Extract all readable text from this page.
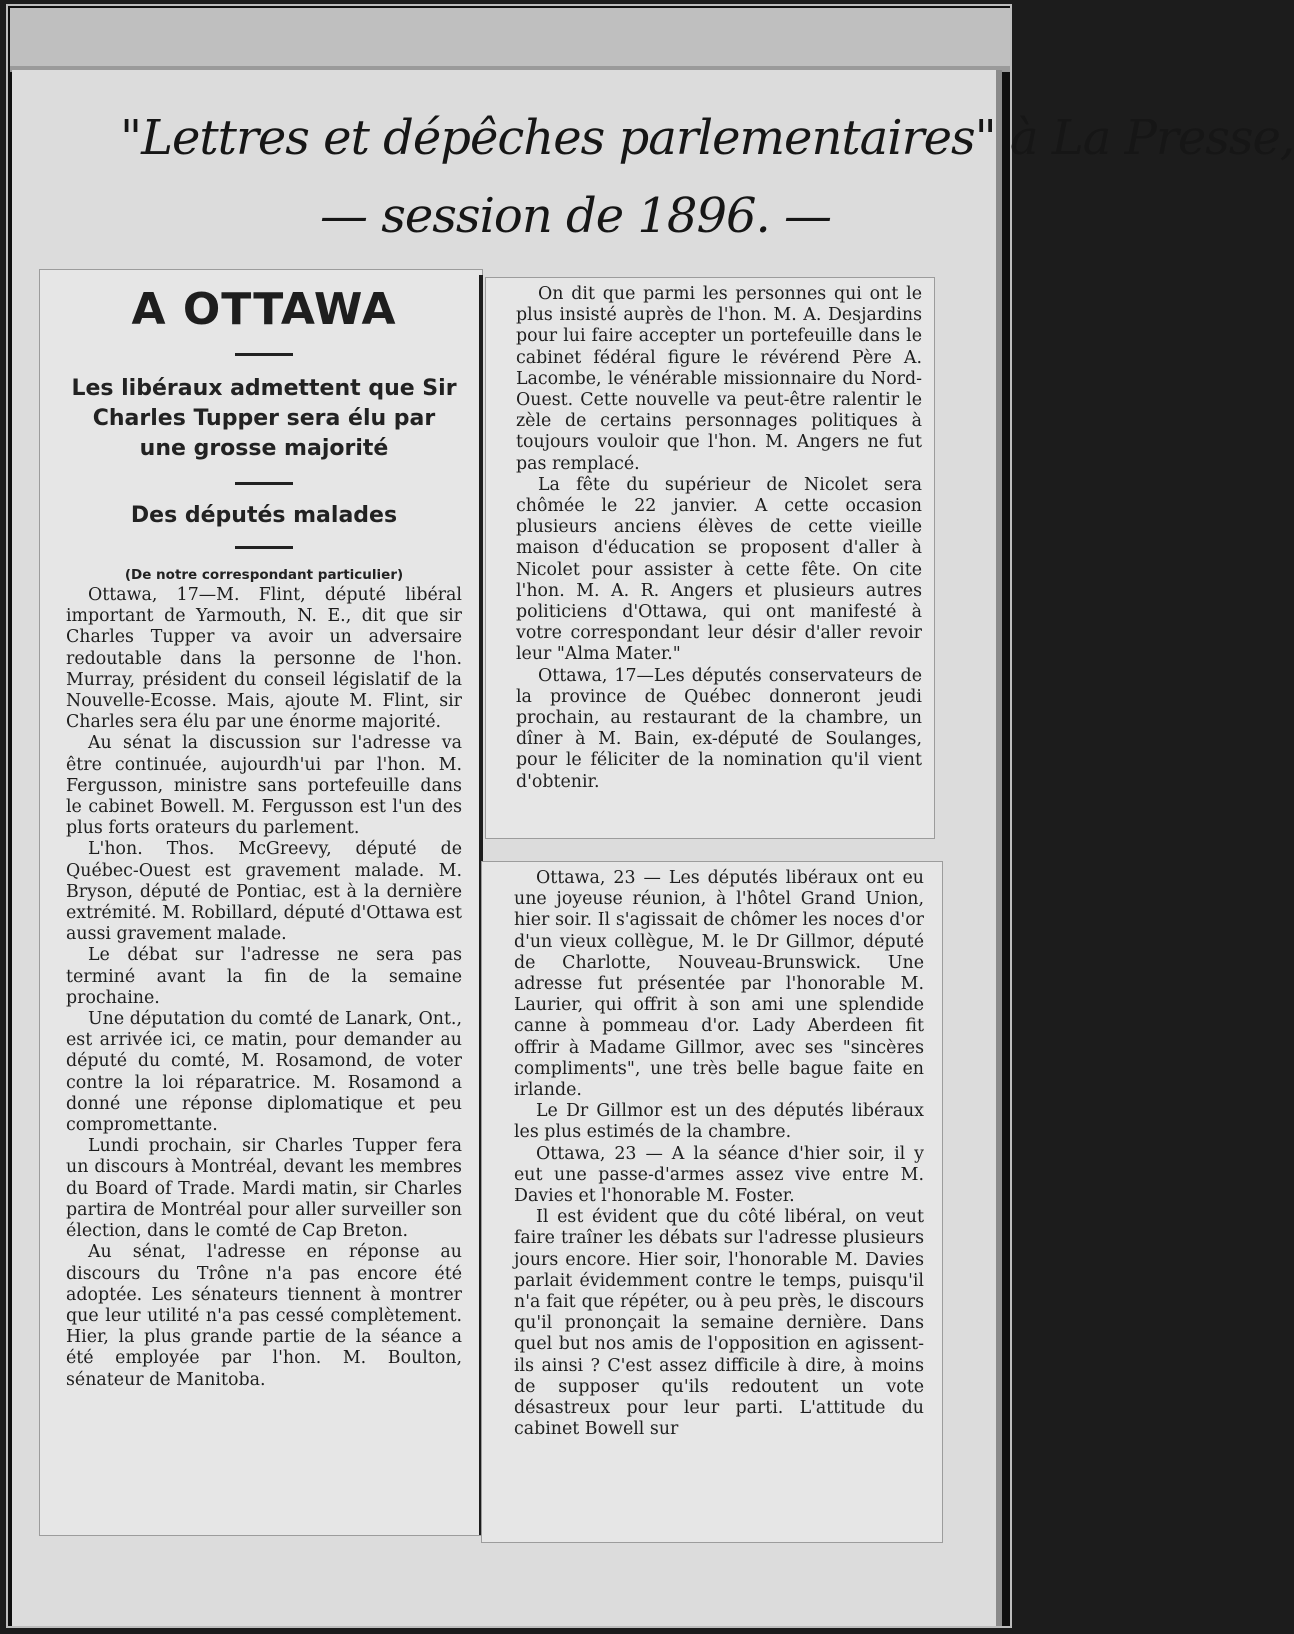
"Lettres et dépêches parlementaires" à La Presse,
— session de 1896. —
A OTTAWA
Les libéraux admettent que Sir Charles Tupper sera élu par une grosse majorité
Des députés malades
(De notre correspondant particulier)

Ottawa, 17—M. Flint, député libéral important de Yarmouth, N. E., dit que sir Charles Tupper va avoir un adversaire redoutable dans la personne de l'hon. Murray, président du conseil législatif de la Nouvelle-Ecosse. Mais, ajoute M. Flint, sir Charles sera élu par une énorme majorité.

Au sénat la discussion sur l'adresse va être continuée, aujourdh'ui par l'hon. M. Fergusson, ministre sans portefeuille dans le cabinet Bowell. M. Fergusson est l'un des plus forts orateurs du parlement.

L'hon. Thos. McGreevy, député de Québec-Ouest est gravement malade. M. Bryson, député de Pontiac, est à la dernière extrémité. M. Robillard, député d'Ottawa est aussi gravement malade.

Le débat sur l'adresse ne sera pas terminé avant la fin de la semaine prochaine.

Une députation du comté de Lanark, Ont., est arrivée ici, ce matin, pour demander au député du comté, M. Rosamond, de voter contre la loi réparatrice. M. Rosamond a donné une réponse diplomatique et peu compromettante.

Lundi prochain, sir Charles Tupper fera un discours à Montréal, devant les membres du Board of Trade. Mardi matin, sir Charles partira de Montréal pour aller surveiller son élection, dans le comté de Cap Breton.

Au sénat, l'adresse en réponse au discours du Trône n'a pas encore été adoptée. Les sénateurs tiennent à montrer que leur utilité n'a pas cessé complètement. Hier, la plus grande partie de la séance a été employée par l'hon. M. Boulton, sénateur de Manitoba.

On dit que parmi les personnes qui ont le plus insisté auprès de l'hon. M. A. Desjardins pour lui faire accepter un portefeuille dans le cabinet fédéral figure le révérend Père A. Lacombe, le vénérable missionnaire du Nord-Ouest. Cette nouvelle va peut-être ralentir le zèle de certains personnages politiques à toujours vouloir que l'hon. M. Angers ne fut pas remplacé.

La fête du supérieur de Nicolet sera chômée le 22 janvier. A cette occasion plusieurs anciens élèves de cette vieille maison d'éducation se proposent d'aller à Nicolet pour assister à cette fête. On cite l'hon. M. A. R. Angers et plusieurs autres politiciens d'Ottawa, qui ont manifesté à votre correspondant leur désir d'aller revoir leur "Alma Mater."

Ottawa, 17—Les députés conservateurs de la province de Québec donneront jeudi prochain, au restaurant de la chambre, un dîner à M. Bain, ex-député de Soulanges, pour le féliciter de la nomination qu'il vient d'obtenir.

Ottawa, 23 — Les députés libéraux ont eu une joyeuse réunion, à l'hôtel Grand Union, hier soir. Il s'agissait de chômer les noces d'or d'un vieux collègue, M. le Dr Gillmor, député de Charlotte, Nouveau-Brunswick. Une adresse fut présentée par l'honorable M. Laurier, qui offrit à son ami une splendide canne à pommeau d'or. Lady Aberdeen fit offrir à Madame Gillmor, avec ses "sincères compliments", une très belle bague faite en irlande.

Le Dr Gillmor est un des députés libéraux les plus estimés de la chambre.

Ottawa, 23 — A la séance d'hier soir, il y eut une passe-d'armes assez vive entre M. Davies et l'honorable M. Foster.

Il est évident que du côté libéral, on veut faire traîner les débats sur l'adresse plusieurs jours encore. Hier soir, l'honorable M. Davies parlait évidemment contre le temps, puisqu'il n'a fait que répéter, ou à peu près, le discours qu'il prononçait la semaine dernière. Dans quel but nos amis de l'opposition en agissent-ils ainsi ? C'est assez difficile à dire, à moins de supposer qu'ils redoutent un vote désastreux pour leur parti. L'attitude du cabinet Bowell sur
